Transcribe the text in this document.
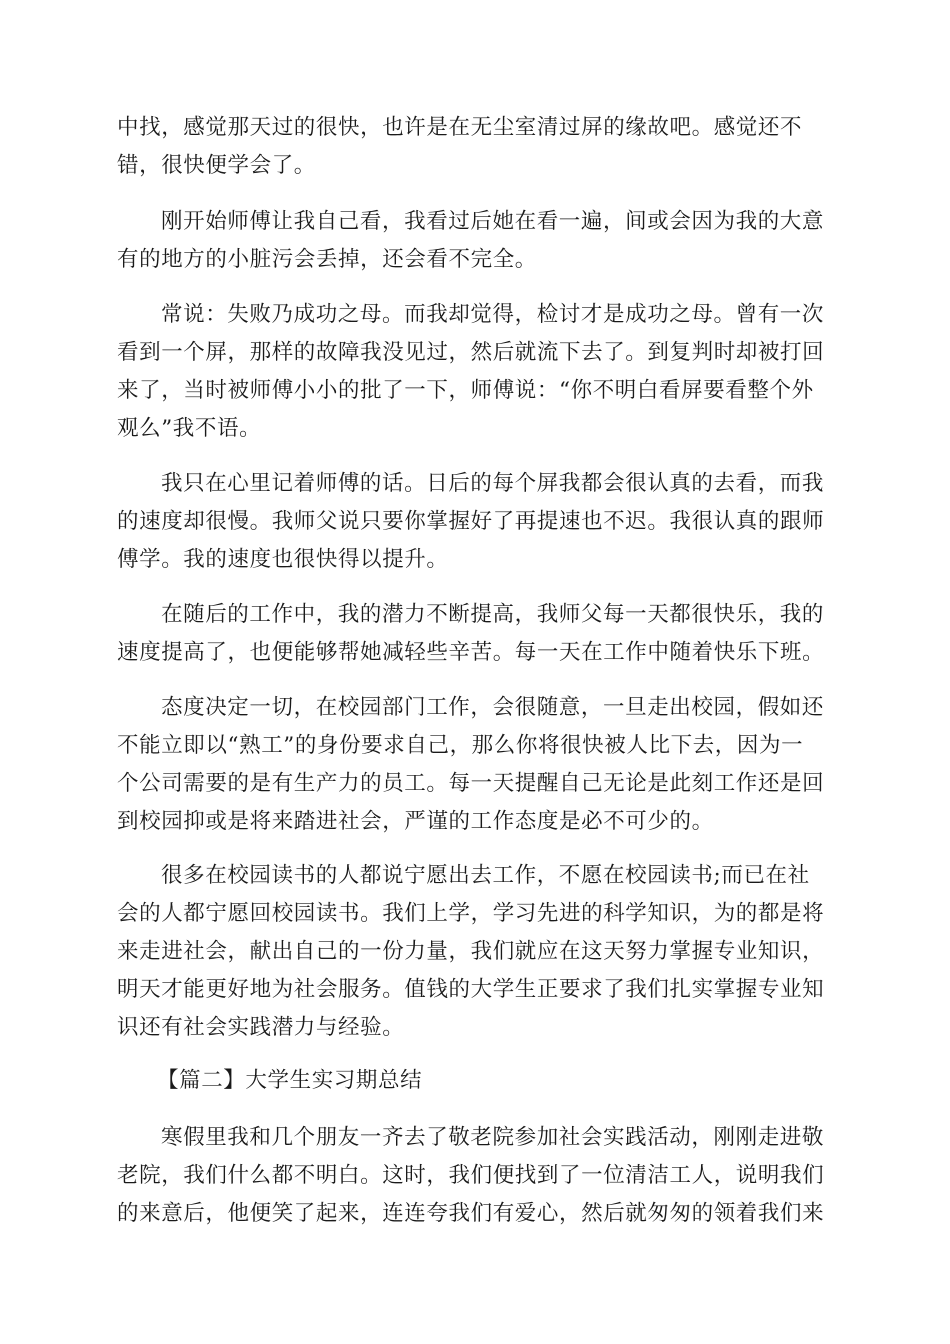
中找，感觉那天过的很快，也许是在无尘室清过屏的缘故吧。感觉还不
错，很快便学会了。
刚开始师傅让我自己看，我看过后她在看一遍，间或会因为我的大意
有的地方的小脏污会丢掉，还会看不完全。
常说：失败乃成功之母。而我却觉得，检讨才是成功之母。曾有一次
看到一个屏，那样的故障我没见过，然后就流下去了。到复判时却被打回
来了，当时被师傅小小的批了一下，师傅说：“你不明白看屏要看整个外
观么”我不语。
我只在心里记着师傅的话。日后的每个屏我都会很认真的去看，而我
的速度却很慢。我师父说只要你掌握好了再提速也不迟。我很认真的跟师
傅学。我的速度也很快得以提升。
在随后的工作中，我的潜力不断提高，我师父每一天都很快乐，我的
速度提高了，也便能够帮她减轻些辛苦。每一天在工作中随着快乐下班。
态度决定一切，在校园部门工作，会很随意，一旦走出校园，假如还
不能立即以“熟工”的身份要求自己，那么你将很快被人比下去，因为一
个公司需要的是有生产力的员工。每一天提醒自己无论是此刻工作还是回
到校园抑或是将来踏进社会，严谨的工作态度是必不可少的。
很多在校园读书的人都说宁愿出去工作，不愿在校园读书;而已在社
会的人都宁愿回校园读书。我们上学，学习先进的科学知识，为的都是将
来走进社会，献出自己的一份力量，我们就应在这天努力掌握专业知识，
明天才能更好地为社会服务。值钱的大学生正要求了我们扎实掌握专业知
识还有社会实践潜力与经验。
【篇二】大学生实习期总结
寒假里我和几个朋友一齐去了敬老院参加社会实践活动，刚刚走进敬
老院，我们什么都不明白。这时，我们便找到了一位清洁工人，说明我们
的来意后，他便笑了起来，连连夸我们有爱心，然后就匆匆的领着我们来
